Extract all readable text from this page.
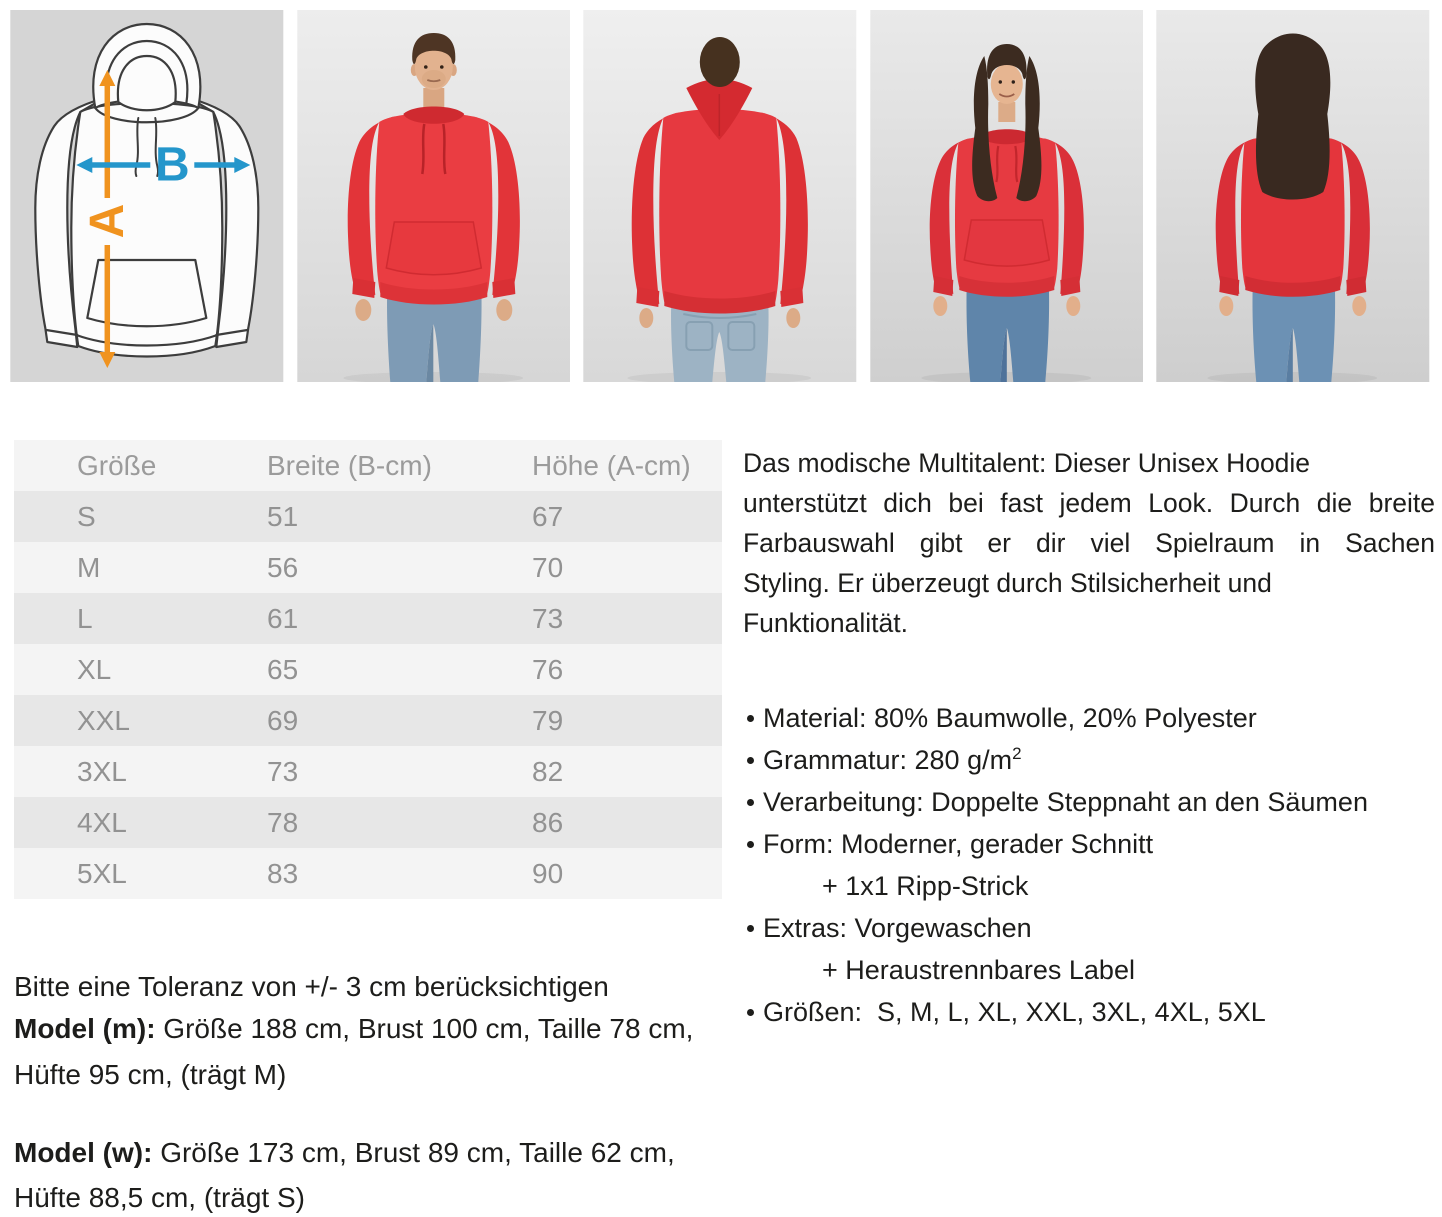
A
B
Größe	Breite (B-cm)	Höhe (A-cm)
S	51	67
M	56	70
L	61	73
XL	65	76
XXL	69	79
3XL	73	82
4XL	78	86
5XL	83	90

Bitte eine Toleranz von +/- 3 cm berücksichtigen

Model (m): Größe 188 cm, Brust 100 cm, Taille 78 cm,
Hüfte 95 cm, (trägt M)
Model (w): Größe 173 cm, Brust 89 cm, Taille 62 cm,
Hüfte 88,5 cm, (trägt S)
Das modische Multitalent: Dieser Unisex Hoodie
unterstützt dich bei fast jedem Look. Durch die breite
Farbauswahl gibt er dir viel Spielraum in Sachen
Styling. Er überzeugt durch Stilsicherheit und
Funktionalität.
Material: 80% Baumwolle, 20% Polyester
Grammatur: 280 $g/m^2$
Verarbeitung: Doppelte Steppnaht an den Säumen
Form: Moderner, gerader Schnitt
+ 1x1 Ripp-Strick
Extras: Vorgewaschen
+ Heraustrennbares Label
Größen:  S, M, L, XL, XXL, 3XL, 4XL, 5XL
